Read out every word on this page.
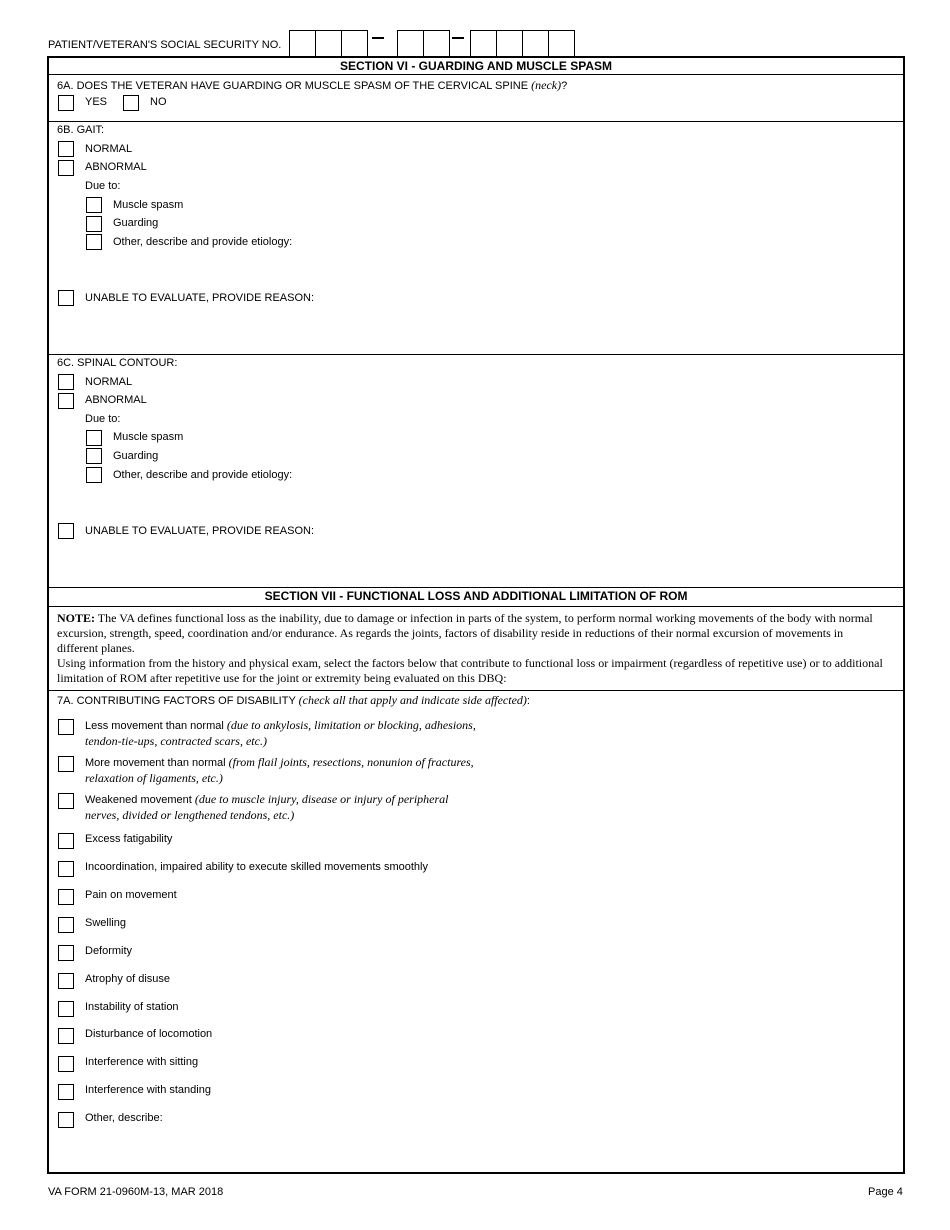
PATIENT/VETERAN'S SOCIAL SECURITY NO.
SECTION VI - GUARDING AND MUSCLE SPASM
6A. DOES THE VETERAN HAVE GUARDING OR MUSCLE SPASM OF THE CERVICAL SPINE (neck)?
YES	NO
6B. GAIT:
NORMAL
ABNORMAL
Due to:
Muscle spasm
Guarding
Other, describe and provide etiology:
UNABLE TO EVALUATE, PROVIDE REASON:
6C. SPINAL CONTOUR:
NORMAL
ABNORMAL
Due to:
Muscle spasm
Guarding
Other, describe and provide etiology:
UNABLE TO EVALUATE, PROVIDE REASON:
SECTION VII - FUNCTIONAL LOSS AND ADDITIONAL LIMITATION OF ROM
NOTE: The VA defines functional loss as the inability, due to damage or infection in parts of the system, to perform normal working movements of the body with normal excursion, strength, speed, coordination and/or endurance. As regards the joints, factors of disability reside in reductions of their normal excursion of movements in different planes.
Using information from the history and physical exam, select the factors below that contribute to functional loss or impairment (regardless of repetitive use) or to additional limitation of ROM after repetitive use for the joint or extremity being evaluated on this DBQ:
7A. CONTRIBUTING FACTORS OF DISABILITY (check all that apply and indicate side affected):
Less movement than normal (due to ankylosis, limitation or blocking, adhesions,
tendon-tie-ups, contracted scars, etc.)
More movement than normal (from flail joints, resections, nonunion of fractures,
relaxation of ligaments, etc.)
Weakened movement (due to muscle injury, disease or injury of peripheral
nerves, divided or lengthened tendons, etc.)
Excess fatigability
Incoordination, impaired ability to execute skilled movements smoothly
Pain on movement
Swelling
Deformity
Atrophy of disuse
Instability of station
Disturbance of locomotion
Interference with sitting
Interference with standing
Other, describe:
VA FORM 21-0960M-13, MAR 2018	Page 4
